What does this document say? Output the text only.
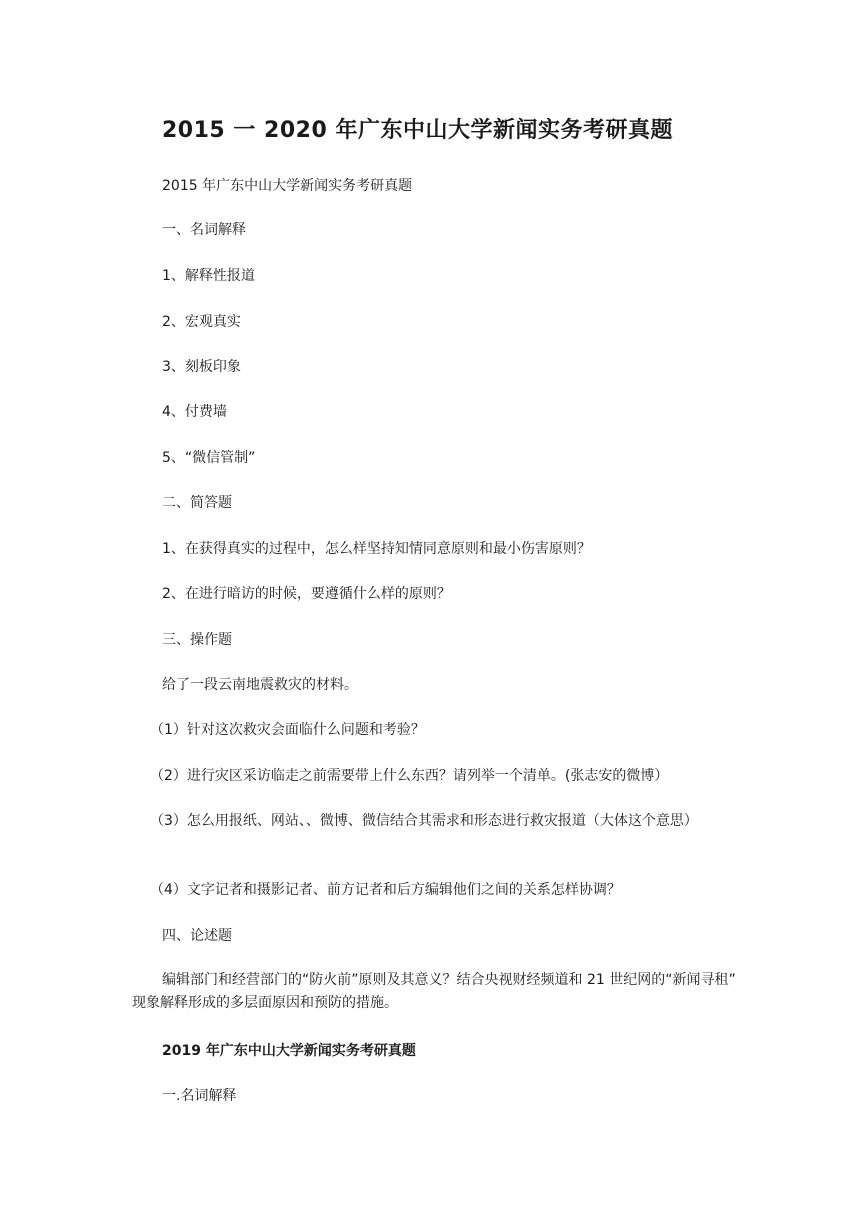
2015 一 2020 年广东中山大学新闻实务考研真题
2015 年广东中山大学新闻实务考研真题
一、名词解释
1、解释性报道
2、宏观真实
3、刻板印象
4、付费墙
5、“微信管制”
二、简答题
1、在获得真实的过程中，怎么样坚持知情同意原则和最小伤害原则？
2、在进行暗访的时候，要遵循什么样的原则？
三、操作题
给了一段云南地震救灾的材料。
（1）针对这次救灾会面临什么问题和考验？
（2）进行灾区采访临走之前需要带上什么东西？请列举一个清单。(张志安的微博）
（3）怎么用报纸、网站、、微博、微信结合其需求和形态进行救灾报道（大体这个意思）
（4）文字记者和摄影记者、前方记者和后方编辑他们之间的关系怎样协调？
四、论述题
编辑部门和经营部门的“防火前”原则及其意义？结合央视财经频道和 21 世纪网的“新闻寻租” 现象解释形成的多层面原因和预防的措施。
2019 年广东中山大学新闻实务考研真题
一.名词解释
